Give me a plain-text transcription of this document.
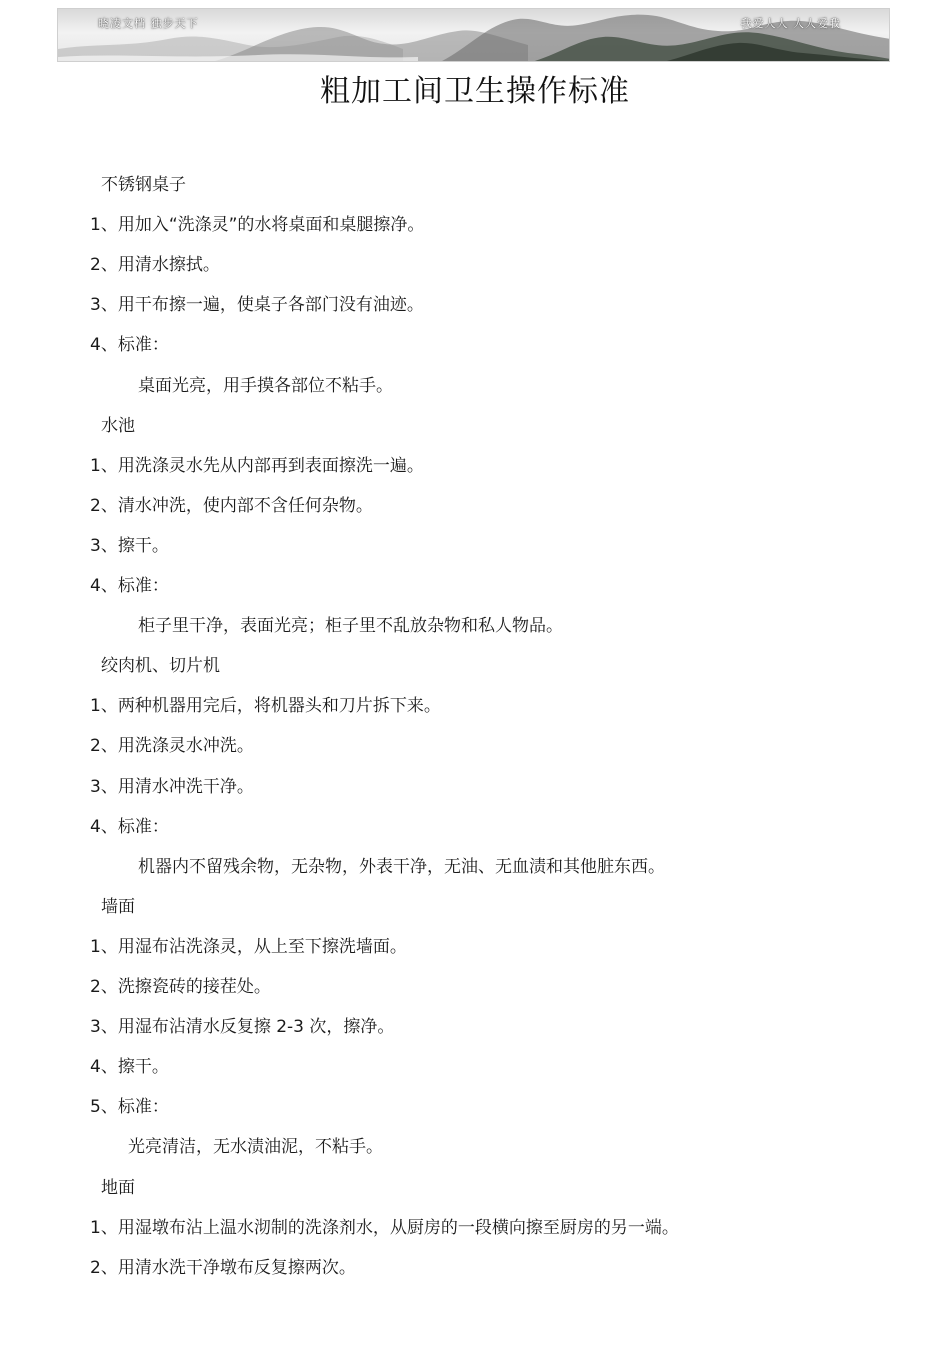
晓凌文档 独步天下	我爱人人 人人爱我
粗加工间卫生操作标准
不锈钢桌子
1、用加入“洗涤灵”的水将桌面和桌腿擦净。
2、用清水擦拭。
3、用干布擦一遍，使桌子各部门没有油迹。
4、标准：
桌面光亮，用手摸各部位不粘手。
水池
1、用洗涤灵水先从内部再到表面擦洗一遍。
2、清水冲洗，使内部不含任何杂物。
3、擦干。
4、标准：
柜子里干净，表面光亮；柜子里不乱放杂物和私人物品。
绞肉机、切片机
1、两种机器用完后，将机器头和刀片拆下来。
2、用洗涤灵水冲洗。
3、用清水冲洗干净。
4、标准：
机器内不留残余物，无杂物，外表干净，无油、无血渍和其他脏东西。
墙面
1、用湿布沾洗涤灵，从上至下擦洗墙面。
2、洗擦瓷砖的接茬处。
3、用湿布沾清水反复擦 2-3 次，擦净。
4、擦干。
5、标准：
光亮清洁，无水渍油泥，不粘手。
地面
1、用湿墩布沾上温水沏制的洗涤剂水，从厨房的一段横向擦至厨房的另一端。
2、用清水洗干净墩布反复擦两次。
